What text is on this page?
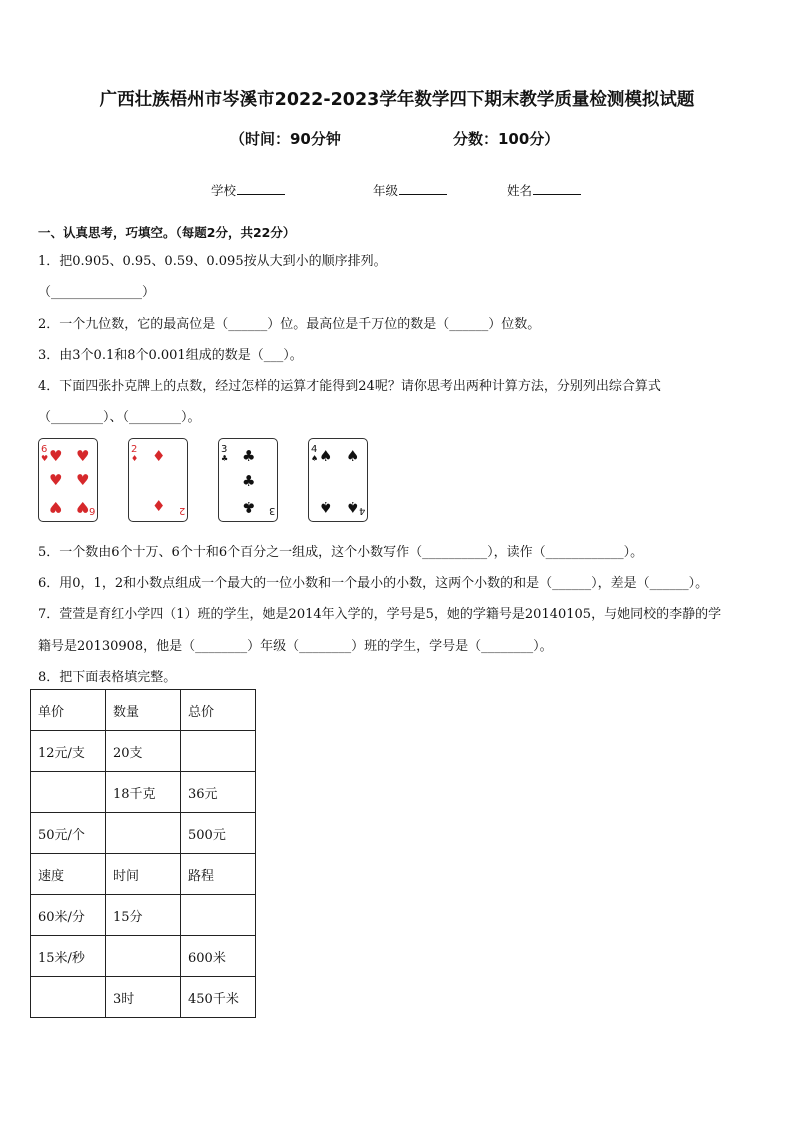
广西壮族梧州市岑溪市2022-2023学年数学四下期末教学质量检测模拟试题
（时间：90分钟	分数：100分）
学校	年级	姓名
一、认真思考，巧填空。（每题2分，共22分）
1．把0.905、0.95、0.59、0.095按从大到小的顺序排列。
（______________）
2．一个九位数，它的最高位是（______）位。最高位是千万位的数是（______）位数。
3．由3个0.1和8个0.001组成的数是（___）。
4．下面四张扑克牌上的点数，经过怎样的运算才能得到24呢？请你思考出两种计算方法，分别列出综合算式
（________）、（________）。
6
♥ ♥ ♥
♥ ♥
♥ ♥ 6
2
♦ ♦
♦ 2
3
♣ ♣
♣
♣ 3
4
♠ ♠ ♠
♠ ♠ 4
5．一个数由6个十万、6个十和6个百分之一组成，这个小数写作（__________），读作（____________）。
6．用0，1，2和小数点组成一个最大的一位小数和一个最小的小数，这两个小数的和是（______），差是（______）。
7．萱萱是育红小学四（1）班的学生，她是2014年入学的，学号是5，她的学籍号是20140105，与她同校的李静的学
籍号是20130908，他是（________）年级（________）班的学生，学号是（________）。
8．把下面表格填完整。
单价	数量	总价
12元/支	20支	
	18千克	36元
50元/个		500元
速度	时间	路程
60米/分	15分	
15米/秒		600米
	3时	450千米
